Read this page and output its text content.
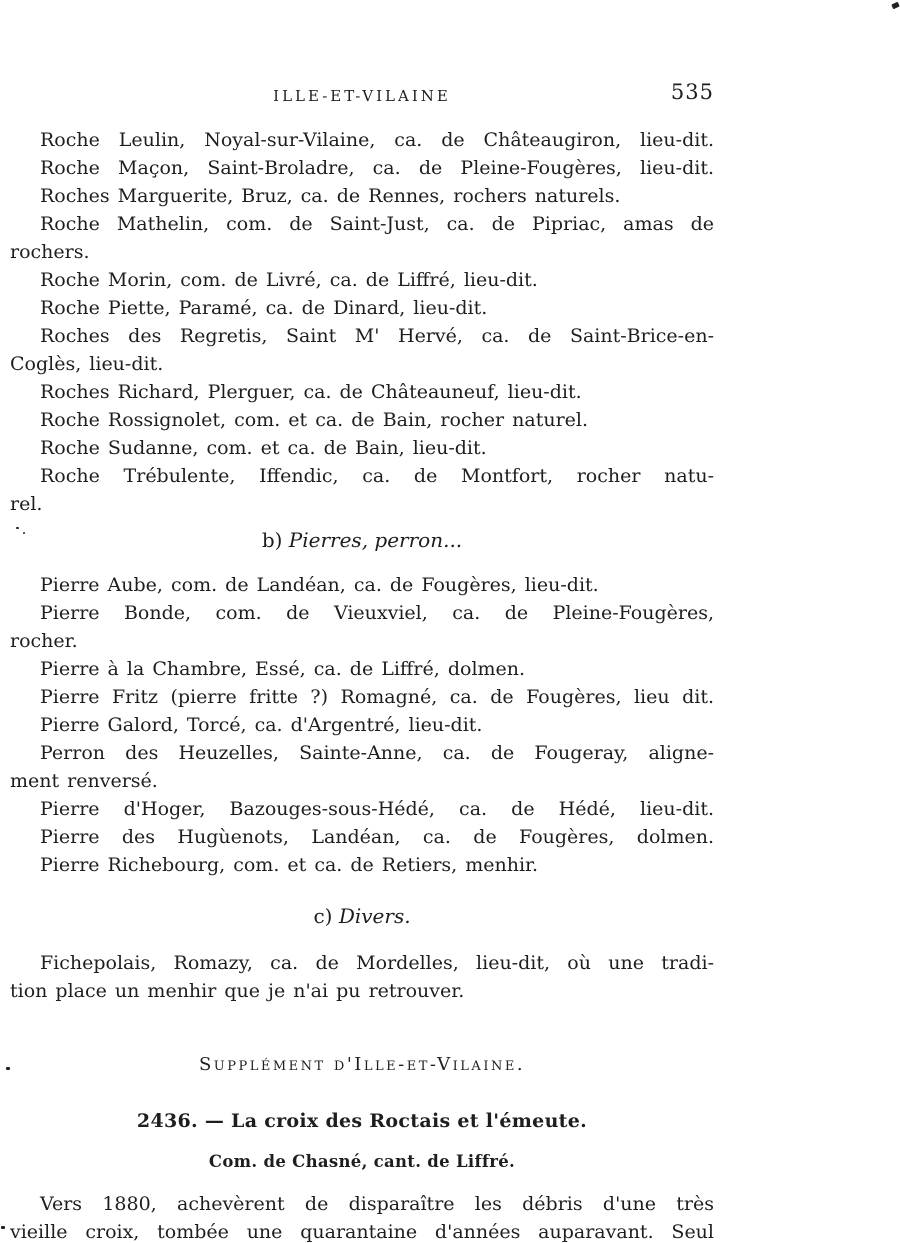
ILLE-ET-VILAINE	535
Roche Leulin, Noyal-sur-Vilaine, ca. de Châteaugiron, lieu-dit.
Roche Maçon, Saint-Broladre, ca. de Pleine-Fougères, lieu-dit.
Roches Marguerite, Bruz, ca. de Rennes, rochers naturels.
Roche Mathelin, com. de Saint-Just, ca. de Pipriac, amas de
rochers.
Roche Morin, com. de Livré, ca. de Liffré, lieu-dit.
Roche Piette, Paramé, ca. de Dinard, lieu-dit.
Roches des Regretis, Saint M' Hervé, ca. de Saint-Brice-en-
Coglès, lieu-dit.
Roches Richard, Plerguer, ca. de Châteauneuf, lieu-dit.
Roche Rossignolet, com. et ca. de Bain, rocher naturel.
Roche Sudanne, com. et ca. de Bain, lieu-dit.
Roche Trébulente, Iffendic, ca. de Montfort, rocher natu-
rel.
b) Pierres, perron...
Pierre Aube, com. de Landéan, ca. de Fougères, lieu-dit.
Pierre Bonde, com. de Vieuxviel, ca. de Pleine-Fougères,
rocher.
Pierre à la Chambre, Essé, ca. de Liffré, dolmen.
Pierre Fritz (pierre fritte ?) Romagné, ca. de Fougères, lieu dit.
Pierre Galord, Torcé, ca. d'Argentré, lieu-dit.
Perron des Heuzelles, Sainte-Anne, ca. de Fougeray, aligne-
ment renversé.
Pierre d'Hoger, Bazouges-sous-Hédé, ca. de Hédé, lieu-dit.
Pierre des Hugùenots, Landéan, ca. de Fougères, dolmen.
Pierre Richebourg, com. et ca. de Retiers, menhir.
c) Divers.
Fichepolais, Romazy, ca. de Mordelles, lieu-dit, où une tradi-
tion place un menhir que je n'ai pu retrouver.
Supplément d'Ille-et-Vilaine.
2436. — La croix des Roctais et l'émeute.
Com. de Chasné, cant. de Liffré.
Vers 1880, achevèrent de disparaître les débris d'une très
vieille croix, tombée une quarantaine d'années auparavant. Seul
